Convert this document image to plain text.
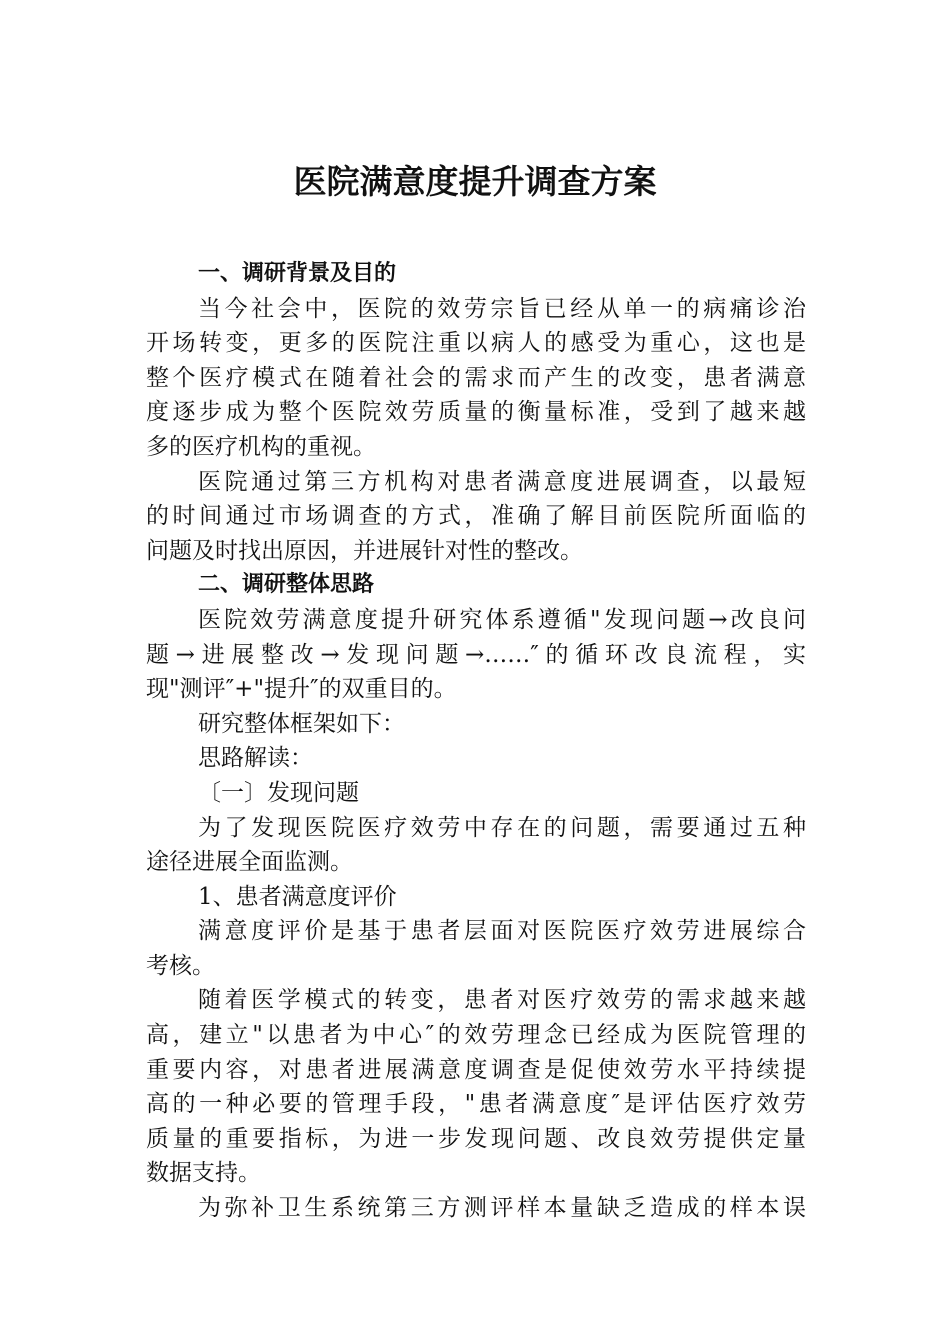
医院满意度提升调查方案
一、调研背景及目的
当今社会中，医院的效劳宗旨已经从单一的病痛诊治
开场转变，更多的医院注重以病人的感受为重心，这也是
整个医疗模式在随着社会的需求而产生的改变，患者满意
度逐步成为整个医院效劳质量的衡量标准，受到了越来越
多的医疗机构的重视。
医院通过第三方机构对患者满意度进展调查，以最短
的时间通过市场调查的方式，准确了解目前医院所面临的
问题及时找出原因，并进展针对性的整改。
二、调研整体思路
医院效劳满意度提升研究体系遵循"发现问题→改良问
题→进展整改→发现问题→……″的循环改良流程，实
现"测评″+"提升″的双重目的。
研究整体框架如下：
思路解读：
〔一〕发现问题
为了发现医院医疗效劳中存在的问题，需要通过五种
途径进展全面监测。
1、患者满意度评价
满意度评价是基于患者层面对医院医疗效劳进展综合
考核。
随着医学模式的转变，患者对医疗效劳的需求越来越
高，建立"以患者为中心″的效劳理念已经成为医院管理的
重要内容，对患者进展满意度调查是促使效劳水平持续提
高的一种必要的管理手段，"患者满意度″是评估医疗效劳
质量的重要指标，为进一步发现问题、改良效劳提供定量
数据支持。
为弥补卫生系统第三方测评样本量缺乏造成的样本误
